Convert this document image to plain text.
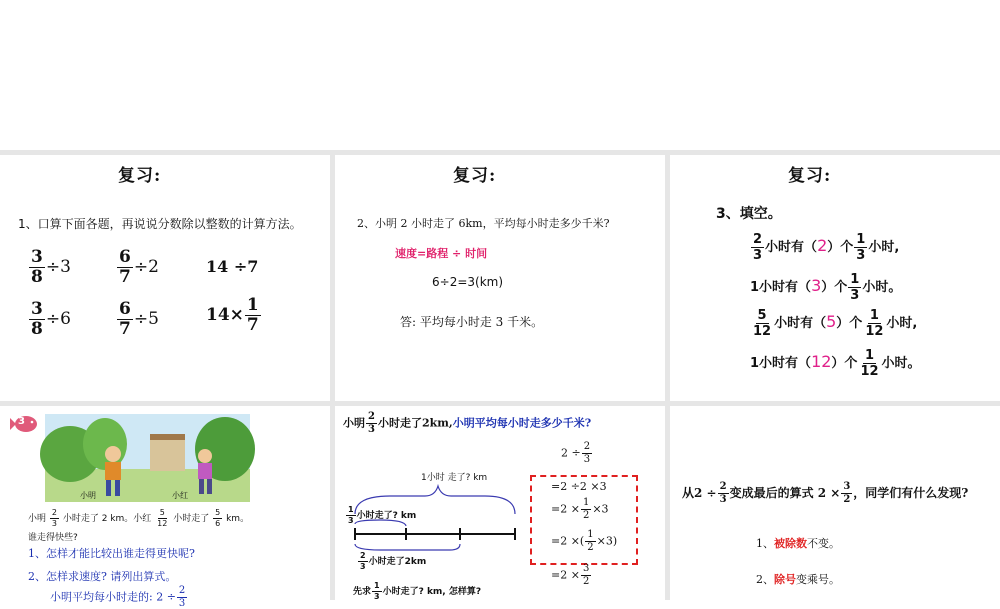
复习:
1、口算下面各题，再说说分数除以整数的计算方法。
$\frac{3}{8} \div 3$	$\frac{6}{7} \div 2$	14 ÷7
$\frac{3}{8} \div 6$	$\frac{6}{7} \div 5$	$14\times \frac{1}{7}$
复习:
2、小明 2 小时走了 6km，平均每小时走多少千米?
速度=路程 ÷ 时间
6÷2=3(km)
答: 平均每小时走 3 千米。
复习:
3、填空。
$\frac{2}{3}$ 小时有（2）个 $\frac{1}{3}$ 小时,
1小时有（3）个 $\frac{1}{3}$ 小时。
$\frac{5}{12}$ 小时有（5）个 $\frac{1}{12}$ 小时,
1小时有（12）个 $\frac{1}{12}$ 小时。
3
小明	小红
小明 $\frac{2}{3}$ 小时走了 2 km。小红 $\frac{5}{12}$ 小时走了 $\frac{5}{6}$ km。
谁走得快些?
1、怎样才能比较出谁走得更快呢?
2、怎样求速度? 请列出算式。
小明平均每小时走的: $2 \div \frac{2}{3}$
小明 $\frac{2}{3}$ 小时走了2km,小明平均每小时走多少千米?
1小时 走了? km
$\frac{1}{3}$ 小时走了? km
$\frac{2}{3}$ 小时走了2km
先求 $\frac{1}{3}$ 小时走了? km, 怎样算?
$2 \div \frac{2}{3}$
=2 ÷2 ×3
$=2 \times \frac{1}{2} \times 3$
=2 ×( $\frac{1}{2} \times 3$)
$=2 \times \frac{3}{2}$
从$2 \div \frac{2}{3}$ 变成最后的算式 $2 \times \frac{3}{2}$ ，同学们有什么发现?
1、被除数不变。
2、除号变乘号。
